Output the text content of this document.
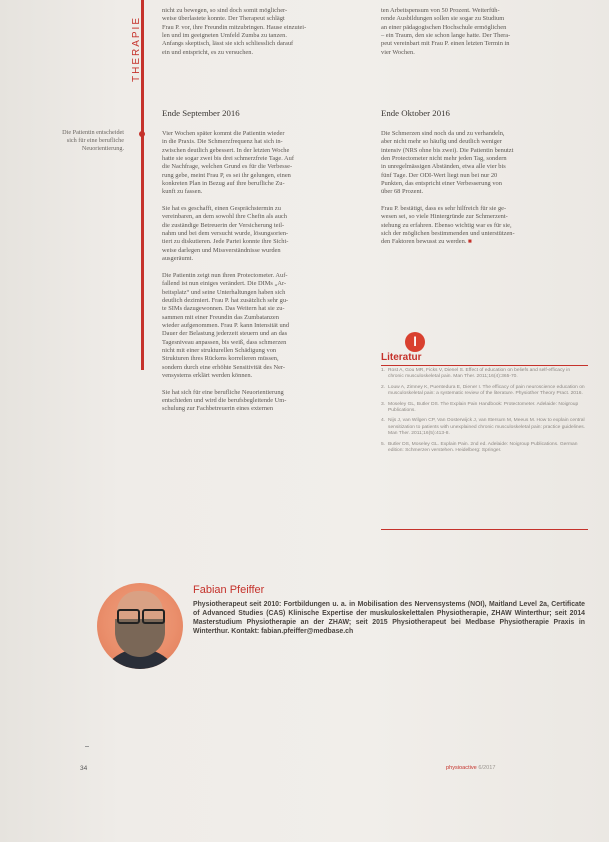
THERAPIE

nicht zu bewegen, so sind doch somit möglicher-

weise überlastete konnte. Der Therapeut schlägt

Frau P. vor, ihre Freundin mitzubringen. Hause einzutei-

len und im geeigneten Umfeld Zumba zu tanzen.

Anfangs skeptisch, lässt sie sich schliesslich darauf

ein und entspricht, es zu versuchen.

ten Arbeitspensum von 50 Prozent. Weiterfüh-

rende Ausbildungen sollen sie sogar zu Studium

an einer pädagogischen Hochschule ermöglichen

– ein Traum, den sie schon lange hatte. Der Thera-

peut vereinbart mit Frau P. einen letzten Termin in

vier Wochen.

Ende September 2016	Ende Oktober 2016
Die Patientin entscheidet sich für eine berufliche Neuorientierung.

Vier Wochen später kommt die Patientin wieder

in die Praxis. Die Schmerzfrequenz hat sich in-

zwischen deutlich gebessert. In der letzten Woche

hatte sie sogar zwei bis drei schmerzfreie Tage. Auf

die Nachfrage, welchen Grund es für die Verbesse-

rung gebe, meint Frau P, es sei ihr gelungen, einen

konkreten Plan in Bezug auf ihre berufliche Zu-

kunft zu fassen.

Sie hat es geschafft, einen Gesprächstermin zu

vereinbaren, an dem sowohl ihre Chefin als auch

die zuständige Betreuerin der Versicherung teil-

nahm und bei dem versucht wurde, lösungsorien-

tiert zu diskutieren. Jede Partei konnte ihre Sicht-

weise darlegen und Missverständnisse wurden

ausgeräumt.

Die Patientin zeigt nun ihren Protectometer. Auf-

fallend ist nun einiges verändert. Die DIMs „Ar-

beitsplatz“ und seine Unterhaltungen haben sich

deutlich dezimiert. Frau P. hat zusätzlich sehr gu-

te SIMs dazugewonnen. Das Weitern hat sie zu-

sammen mit einer Freundin das Zumbatanzen

wieder aufgenommen. Frau P. kann Intensität und

Dauer der Belastung jederzeit steuern und an das

Tagesniveau anpassen, bis weiß, dass schmerzen

nicht mit einer strukturellen Schädigung von

Strukturen ihres Rückens korrelieren müssen,

sondern durch eine erhöhte Sensitivität des Ner-

vensystems erklärt werden können.

Sie hat sich für eine berufliche Neuorientierung

entschieden und wird die berufsbegleitende Um-

schulung zur Fachbetreuerin eines externen

Die Schmerzen sind noch da und zu verhandeln,

aber nicht mehr so häufig und deutlich weniger

intensiv (NRS ohne bis zwei). Die Patientin benutzt

den Protectometer nicht mehr jeden Tag, sondern

in unregelmässigen Abständen, etwa alle vier bis

fünf Tage. Der ODI-Wert liegt nun bei nur 20

Punkten, das entspricht einer Verbesserung von

über 68 Prozent.

Frau P. bestätigt, dass es sehr hilfreich für sie ge-

wesen sei, so viele Hintergründe zur Schmerzent-

stehung zu erfahren. Ebenso wichtig war es für sie,

sich der möglichen bestimmenden und unterstützen-

den Faktoren bewusst zu werden. ■

l
Literatur
1. Rost A, Gou MR, Ficks V, Dienel S. Effect of education on beliefs and self-efficacy in chronic musculoskeletal pain. Man Ther. 2011;16(4):365-70.
2. Louw A, Zimney K, Puentedura E, Diener I. The efficacy of pain neuroscience education on musculoskeletal pain: a systematic review of the literature. Physiother Theory Pract. 2016.
3. Moseley GL, Butler DS. The Explain Pain Handbook: Protectometer. Adelaide: Noigroup Publications.
4. Nijs J, van Wilgen CP, Van Oosterwijck J, van Ittersum M, Meeus M. How to explain central sensitization to patients with unexplained chronic musculoskeletal pain: practice guidelines. Man Ther. 2011;16(5):413-8.
5. Butler DS, Moseley GL. Explain Pain. 2nd ed. Adelaide: Noigroup Publications. German edition: Schmerzen verstehen. Heidelberg: Springer.
Fabian Pfeiffer

Physiotherapeut seit 2010: Fortbildungen u. a. in Mobilisation des Nervensystems (NOI), Maitland Level 2a, Certificate of Advanced Studies (CAS) Klinische Expertise der muskuloskelettalen Physiotherapie, ZHAW Winterthur; seit 2014 Masterstudium Physiotherapie an der ZHAW; seit 2015 Physiotherapeut bei Medbase Physiotherapie Praxis in Winterthur. Kontakt: fabian.pfeiffer@medbase.ch

34	physioactive 6/2017
